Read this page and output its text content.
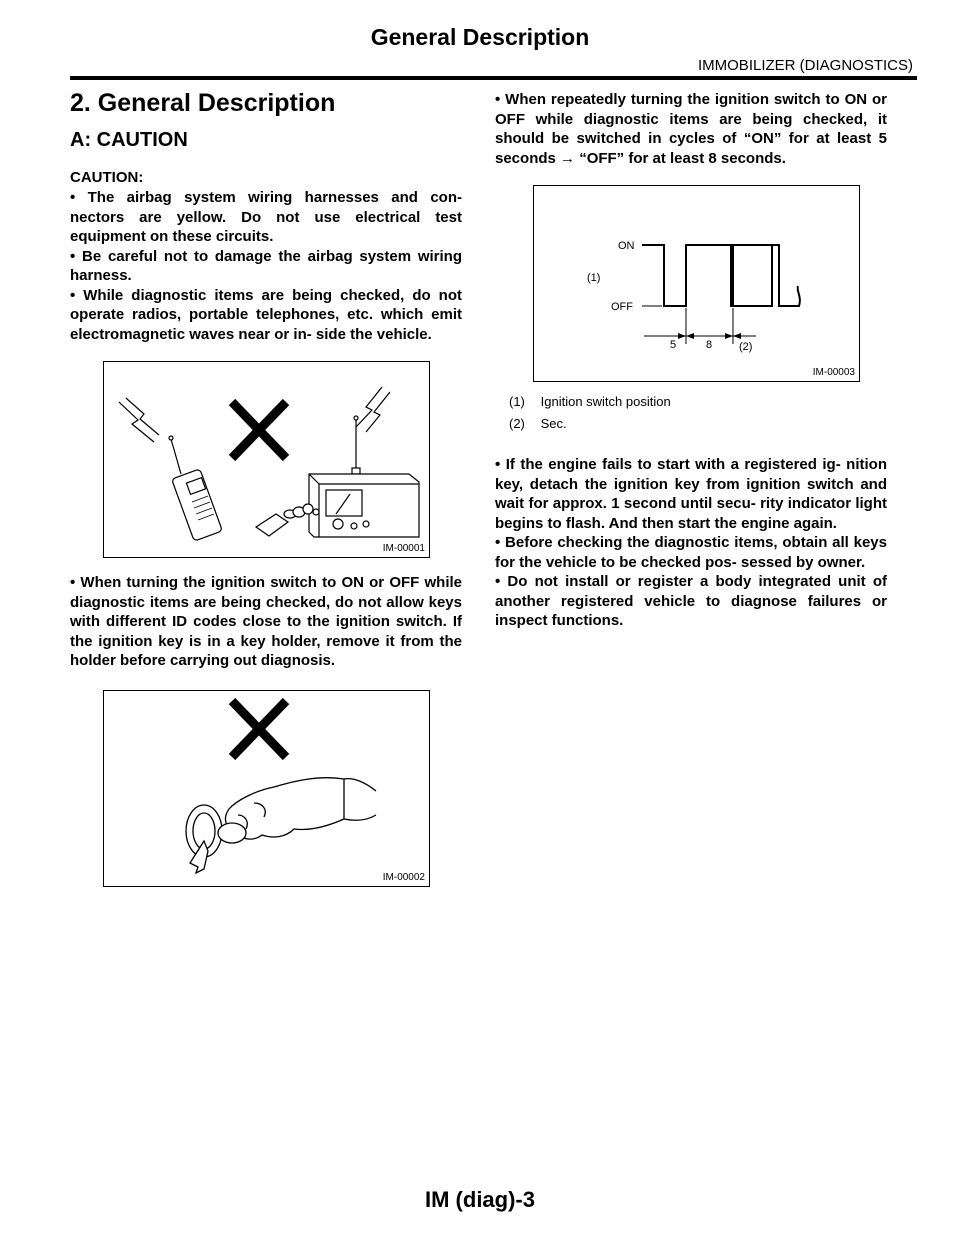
General Description
IMMOBILIZER (DIAGNOSTICS)
2. General Description
A: CAUTION

CAUTION:

• The airbag system wiring harnesses and con- nectors are yellow. Do not use electrical test equipment on these circuits.

• Be careful not to damage the airbag system wiring harness.

• While diagnostic items are being checked, do not operate radios, portable telephones, etc. which emit electromagnetic waves near or in- side the vehicle.

IM-00001

• When turning the ignition switch to ON or OFF while diagnostic items are being checked, do not allow keys with different ID codes close to the ignition switch. If the ignition key is in a key holder, remove it from the holder before carrying out diagnosis.

IM-00002

• When repeatedly turning the ignition switch to ON or OFF while diagnostic items are being checked, it should be switched in cycles of “ON” for at least 5 seconds → “OFF” for at least 8 seconds.

ON
OFF
(1)
(2)
5	8
IM-00003
(1) Ignition switch position
(2) Sec.

• If the engine fails to start with a registered ig- nition key, detach the ignition key from ignition switch and wait for approx. 1 second until secu- rity indicator light begins to flash. And then start the engine again.

• Before checking the diagnostic items, obtain all keys for the vehicle to be checked pos- sessed by owner.

• Do not install or register a body integrated unit of another registered vehicle to diagnose failures or inspect functions.

IM (diag)-3
